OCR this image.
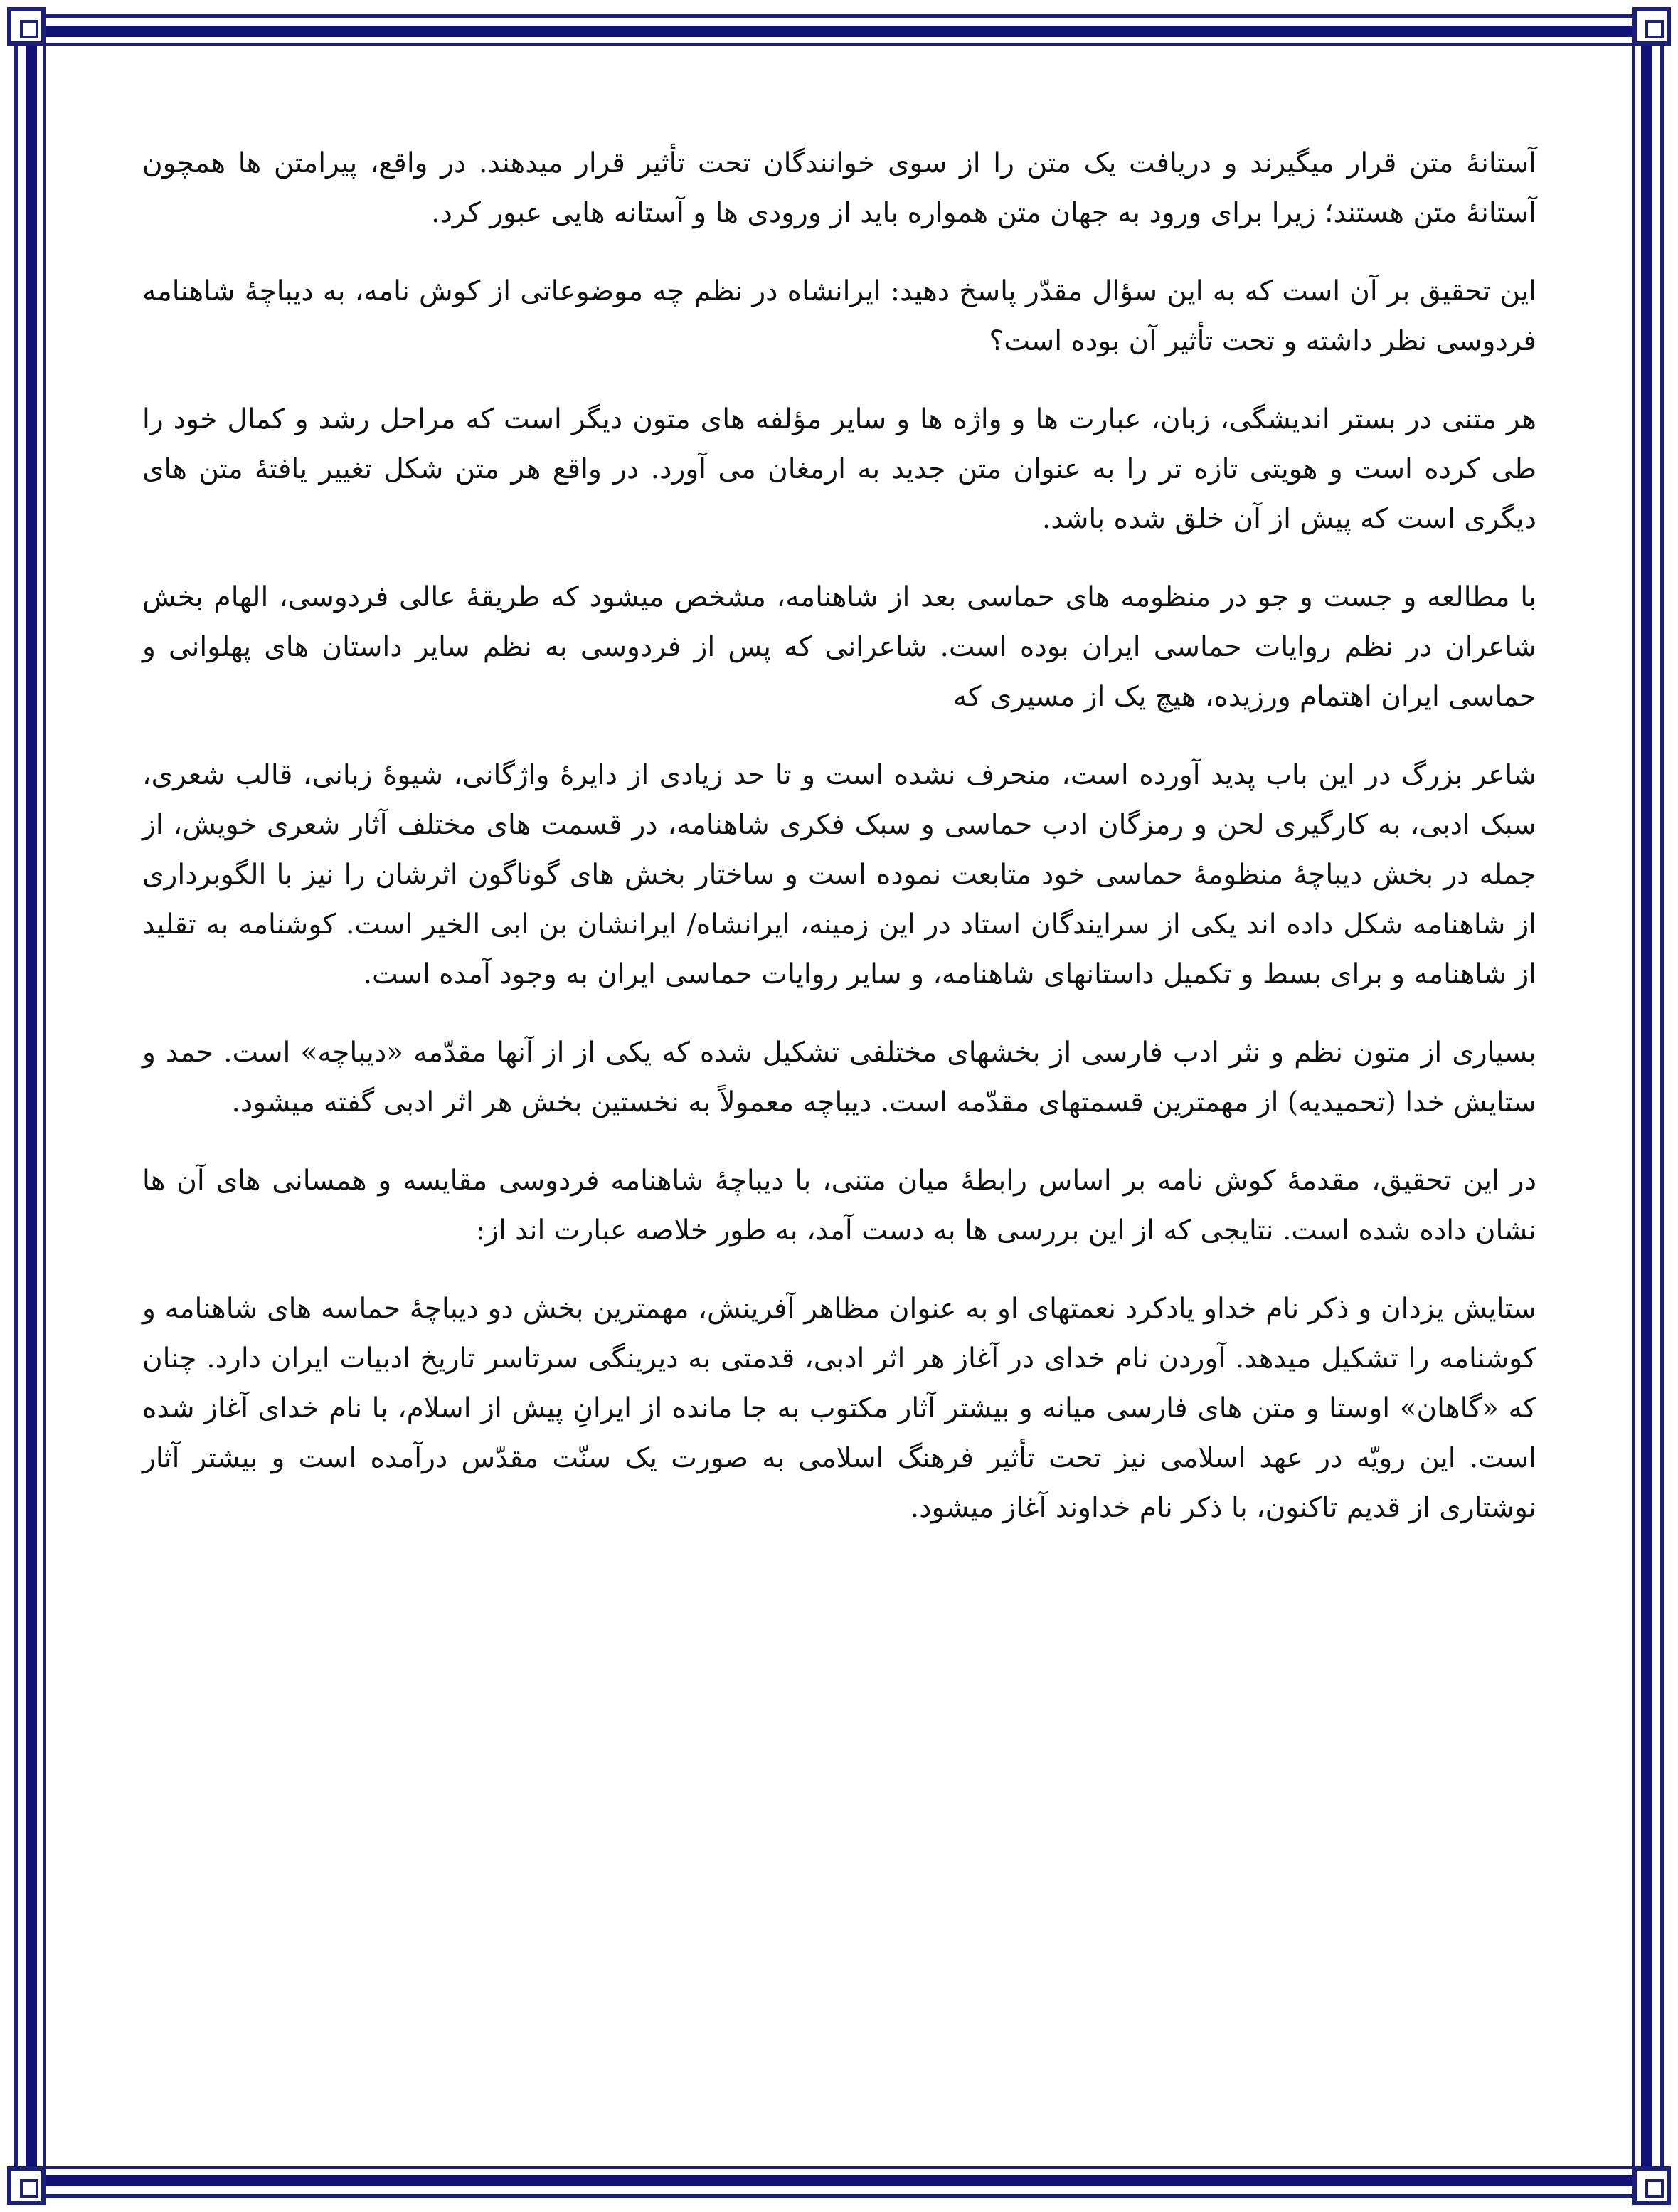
آستانهٔ متن قرار میگیرند و دریافت یک متن را از سوی خوانندگان تحت تأثیر قرار میدهند. در واقع، پیرامتن ها همچون آستانهٔ متن هستند؛ زیرا برای ورود به جهان متن همواره باید از ورودی ها و آستانه هایی عبور کرد.

این تحقیق بر آن است که به این سؤال مقدّر پاسخ دهید: ایرانشاه در نظم چه موضوعاتی از کوش نامه، به دیباچهٔ شاهنامه فردوسی نظر داشته و تحت تأثیر آن بوده است؟

هر متنی در بستر اندیشگی، زبان، عبارت ها و واژه ها و سایر مؤلفه های متون دیگر است که مراحل رشد و کمال خود را طی کرده است و هویتی تازه تر را به عنوان متن جدید به ارمغان می آورد. در واقع هر متن شکل تغییر یافتهٔ متن های دیگری است که پیش از آن خلق شده باشد.

با مطالعه و جست و جو در منظومه های حماسی بعد از شاهنامه، مشخص میشود که طریقهٔ عالی فردوسی، الهام بخش شاعران در نظم روایات حماسی ایران بوده است. شاعرانی که پس از فردوسی به نظم سایر داستان های پهلوانی و حماسی ایران اهتمام ورزیده، هیچ یک از مسیری که

شاعر بزرگ در این باب پدید آورده است، منحرف نشده است و تا حد زیادی از دایرهٔ واژگانی، شیوهٔ زبانی، قالب شعری، سبک ادبی، به کارگیری لحن و رمزگان ادب حماسی و سبک فکری شاهنامه، در قسمت های مختلف آثار شعری خویش، از جمله در بخش دیباچهٔ منظومهٔ حماسی خود متابعت نموده است و ساختار بخش های گوناگون اثرشان را نیز با الگوبرداری از شاهنامه شکل داده اند یکی از سرایندگان استاد در این زمینه، ایرانشاه/ ایرانشان بن ابی الخیر است. کوشنامه به تقلید از شاهنامه و برای بسط و تکمیل داستانهای شاهنامه، و سایر روایات حماسی ایران به وجود آمده است.

بسیاری از متون نظم و نثر ادب فارسی از بخشهای مختلفی تشکیل شده که یکی از از آنها مقدّمه «دیباچه» است. حمد و ستایش خدا (تحمیدیه) از مهمترین قسمتهای مقدّمه است. دیباچه معمولاً به نخستین بخش هر اثر ادبی گفته میشود.

در این تحقیق، مقدمهٔ کوش نامه بر اساس رابطهٔ میان متنی، با دیباچهٔ شاهنامه فردوسی مقایسه و همسانی های آن ها نشان داده شده است. نتایجی که از این بررسی ها به دست آمد، به طور خلاصه عبارت اند از:

ستایش یزدان و ذکر نام خداو یادکرد نعمتهای او به عنوان مظاهر آفرینش، مهمترین بخش دو دیباچهٔ حماسه های شاهنامه و کوشنامه را تشکیل میدهد. آوردن نام خدای در آغاز هر اثر ادبی، قدمتی به دیرینگی سرتاسر تاریخ ادبیات ایران دارد. چنان که «گاهان» اوستا و متن های فارسی میانه و بیشتر آثار مکتوب به جا مانده از ایرانِ پیش از اسلام، با نام خدای آغاز شده است. این رویّه در عهد اسلامی نیز تحت تأثیر فرهنگ اسلامی به صورت یک سنّت مقدّس درآمده است و بیشتر آثار نوشتاری از قدیم تاکنون، با ذکر نام خداوند آغاز میشود.
